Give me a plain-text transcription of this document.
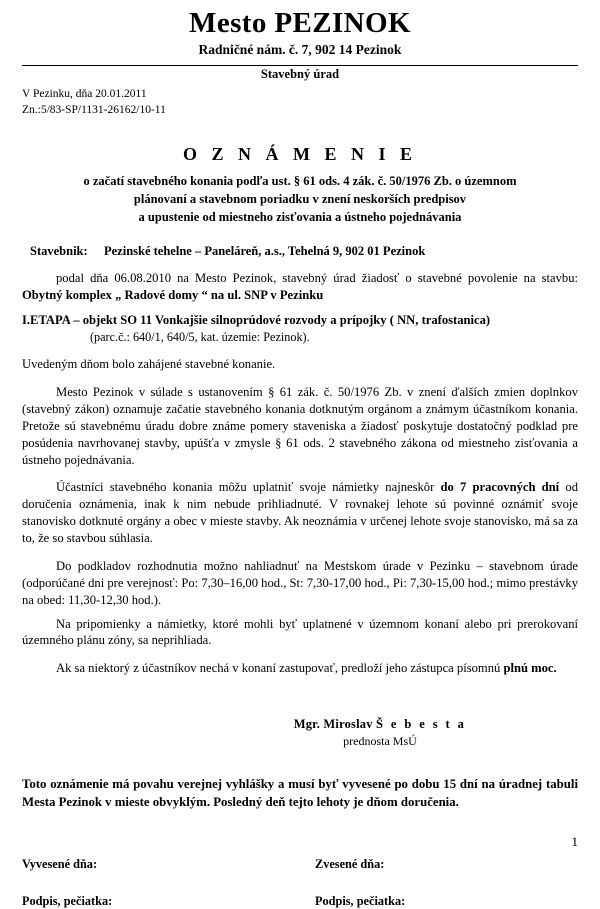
Mesto PEZINOK
Radničné nám. č. 7, 902 14 Pezinok
Stavebný úrad
V Pezinku, dňa 20.01.2011
Zn.:5/83-SP/1131-26162/10-11
O Z N Á M E N I E
o začatí stavebného konania podľa ust. § 61 ods. 4 zák. č. 50/1976 Zb. o územnom
plánovaní a stavebnom poriadku v znení neskorších predpisov
a upustenie od miestneho zisťovania a ústneho pojednávania
Stavebnik:	Pezinské tehelne – Paneláreň, a.s., Tehelná 9, 902 01 Pezinok
podal dňa 06.08.2010 na Mesto Pezinok, stavebný úrad žiadosť o stavebné povolenie na stavbu: Obytný komplex „ Radové domy “ na ul. SNP v Pezinku
I.ETAPA – objekt SO 11 Vonkajšie silnoprúdové rozvody a prípojky ( NN, trafostanica)
(parc.č.: 640/1, 640/5, kat. územie: Pezinok).
Uvedeným dňom bolo zahájené stavebné konanie.
Mesto Pezinok v súlade s ustanovením § 61 zák. č. 50/1976 Zb. v znení ďalších zmien doplnkov (stavebný zákon) oznamuje začatie stavebného konania dotknutým orgánom a známym účastníkom konania. Pretože sú stavebnému úradu dobre známe pomery staveniska a žiadosť poskytuje dostatočný podklad pre posúdenia navrhovanej stavby, upúšťa v zmysle § 61 ods. 2 stavebného zákona od miestneho zisťovania a ústneho pojednávania.
Účastníci stavebného konania môžu uplatniť svoje námietky najneskôr do 7 pracovných dní od doručenia oznámenia, inak k nim nebude prihliadnuté. V rovnakej lehote sú povinné oznámiť svoje stanovisko dotknuté orgány a obec v mieste stavby. Ak neoznámia v určenej lehote svoje stanovisko, má sa za to, že so stavbou súhlasia.
Do podkladov rozhodnutia možno nahliadnuť na Mestskom úrade v Pezinku – stavebnom úrade (odporúčané dni pre verejnosť: Po: 7,30–16,00 hod., St: 7,30-17,00 hod., Pi: 7,30-15,00 hod.; mimo prestávky na obed: 11,30-12,30 hod.).
Na pripomienky a námietky, ktoré mohli byť uplatnené v územnom konaní alebo pri prerokovaní územného plánu zóny, sa neprihliada.
Ak sa niektorý z účastníkov nechá v konaní zastupovať, predloží jeho zástupca písomnú plnú moc.
Mgr. Miroslav Š e b e s t a
prednosta MsÚ
Toto oznámenie má povahu verejnej vyhlášky a musí byť vyvesené po dobu 15 dní na úradnej tabuli Mesta Pezinok v mieste obvyklým. Posledný deň tejto lehoty je dňom doručenia.
Vyvesené dňa:	Zvesené dňa:
Podpis, pečiatka:	Podpis, pečiatka:
1
